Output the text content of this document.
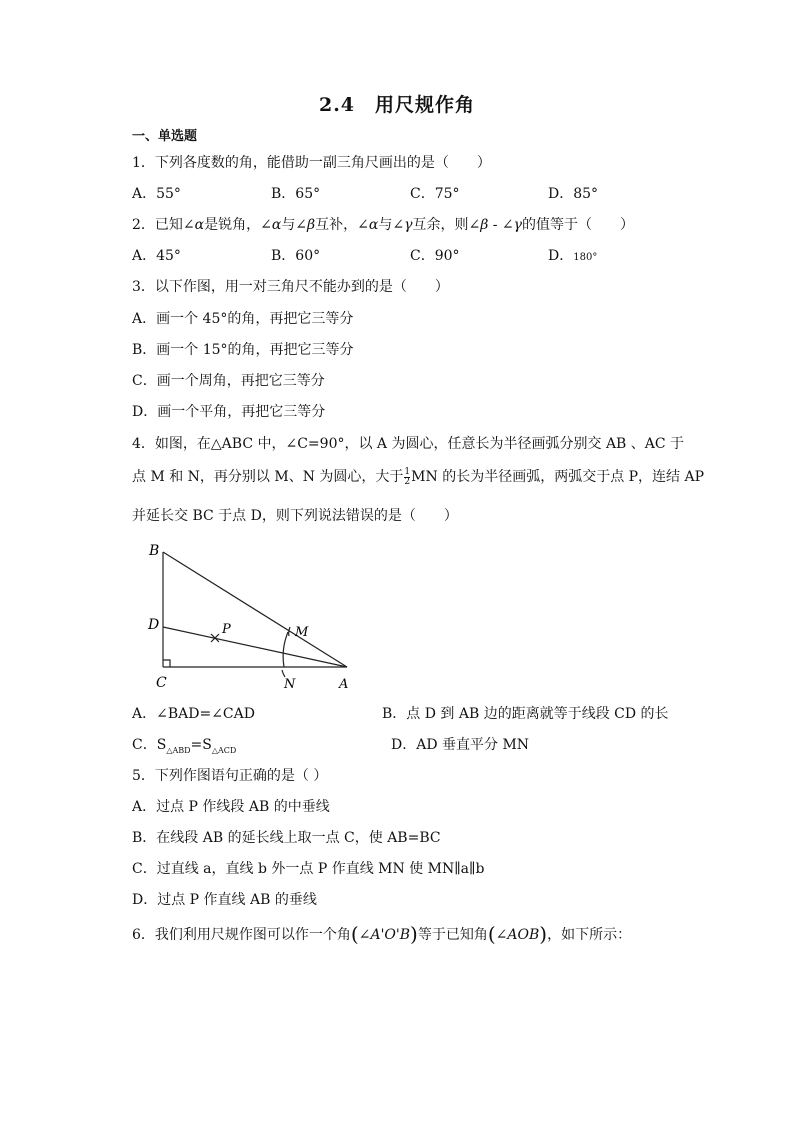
2.4　用尺规作角
一、单选题
1．下列各度数的角，能借助一副三角尺画出的是（　　）
A．55°	B．65°	C．75°	D．85°
2．已知∠α是锐角，∠α与∠β互补，∠α与∠γ互余，则∠β - ∠γ的值等于（　　）
A．45°	B．60°	C．90°	D．180°
3．以下作图，用一对三角尺不能办到的是（　　）
A．画一个 45°的角，再把它三等分
B．画一个 15°的角，再把它三等分
C．画一个周角，再把它三等分
D．画一个平角，再把它三等分
4．如图，在△ABC 中，∠C=90°，以 A 为圆心，任意长为半径画弧分别交 AB 、AC 于
点 M 和 N，再分别以 M、N 为圆心，大于 $\frac{1}{2}$ MN 的长为半径画弧，两弧交于点 P，连结 AP
并延长交 BC 于点 D，则下列说法错误的是（　　）
B
D
C
P	M
N	A
A．∠BAD=∠CAD	B．点 D 到 AB 边的距离就等于线段 CD 的长
C．$S_{\triangle ABD}=S_{\triangle ACD}$	D．AD 垂直平分 MN
5．下列作图语句正确的是（ ）
A．过点 P 作线段 AB 的中垂线
B．在线段 AB 的延长线上取一点 C，使 AB=BC
C．过直线 a，直线 b 外一点 P 作直线 MN 使 MN∥a∥b
D．过点 P 作直线 AB 的垂线
6．我们利用尺规作图可以作一个角(∠A'O'B)等于已知角(∠AOB)，如下所示：
